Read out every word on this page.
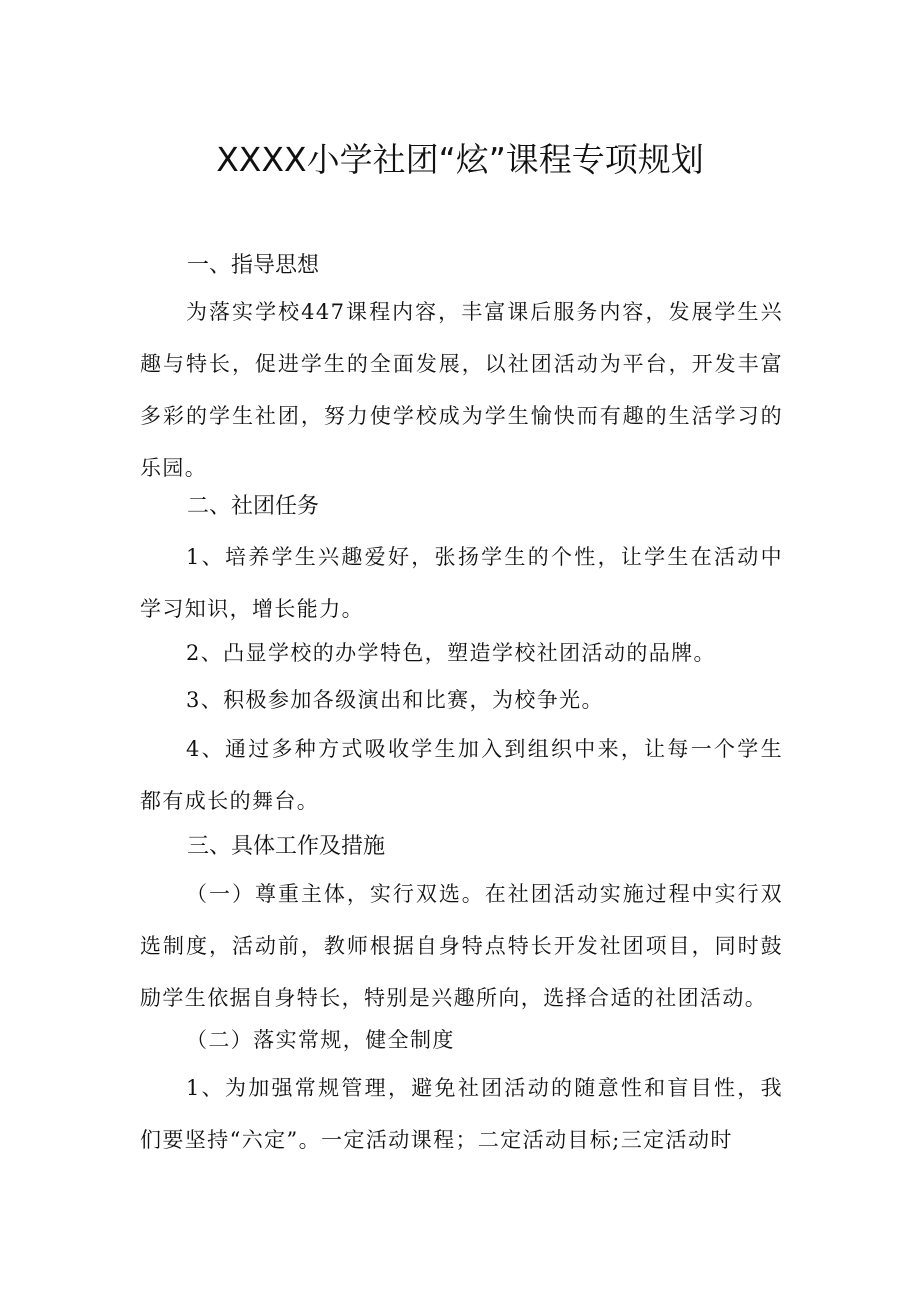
XXXX小学社团“炫”课程专项规划
一、指导思想
为落实学校447课程内容，丰富课后服务内容，发展学生兴趣与特长，促进学生的全面发展，以社团活动为平台，开发丰富多彩的学生社团，努力使学校成为学生愉快而有趣的生活学习的乐园。
二、社团任务
1、培养学生兴趣爱好，张扬学生的个性，让学生在活动中学习知识，增长能力。
2、凸显学校的办学特色，塑造学校社团活动的品牌。
3、积极参加各级演出和比赛，为校争光。
4、通过多种方式吸收学生加入到组织中来，让每一个学生都有成长的舞台。
三、具体工作及措施
（一）尊重主体，实行双选。在社团活动实施过程中实行双选制度，活动前，教师根据自身特点特长开发社团项目，同时鼓励学生依据自身特长，特别是兴趣所向，选择合适的社团活动。
（二）落实常规，健全制度
1、为加强常规管理，避免社团活动的随意性和盲目性，我们要坚持“六定”。一定活动课程；二定活动目标;三定活动时
